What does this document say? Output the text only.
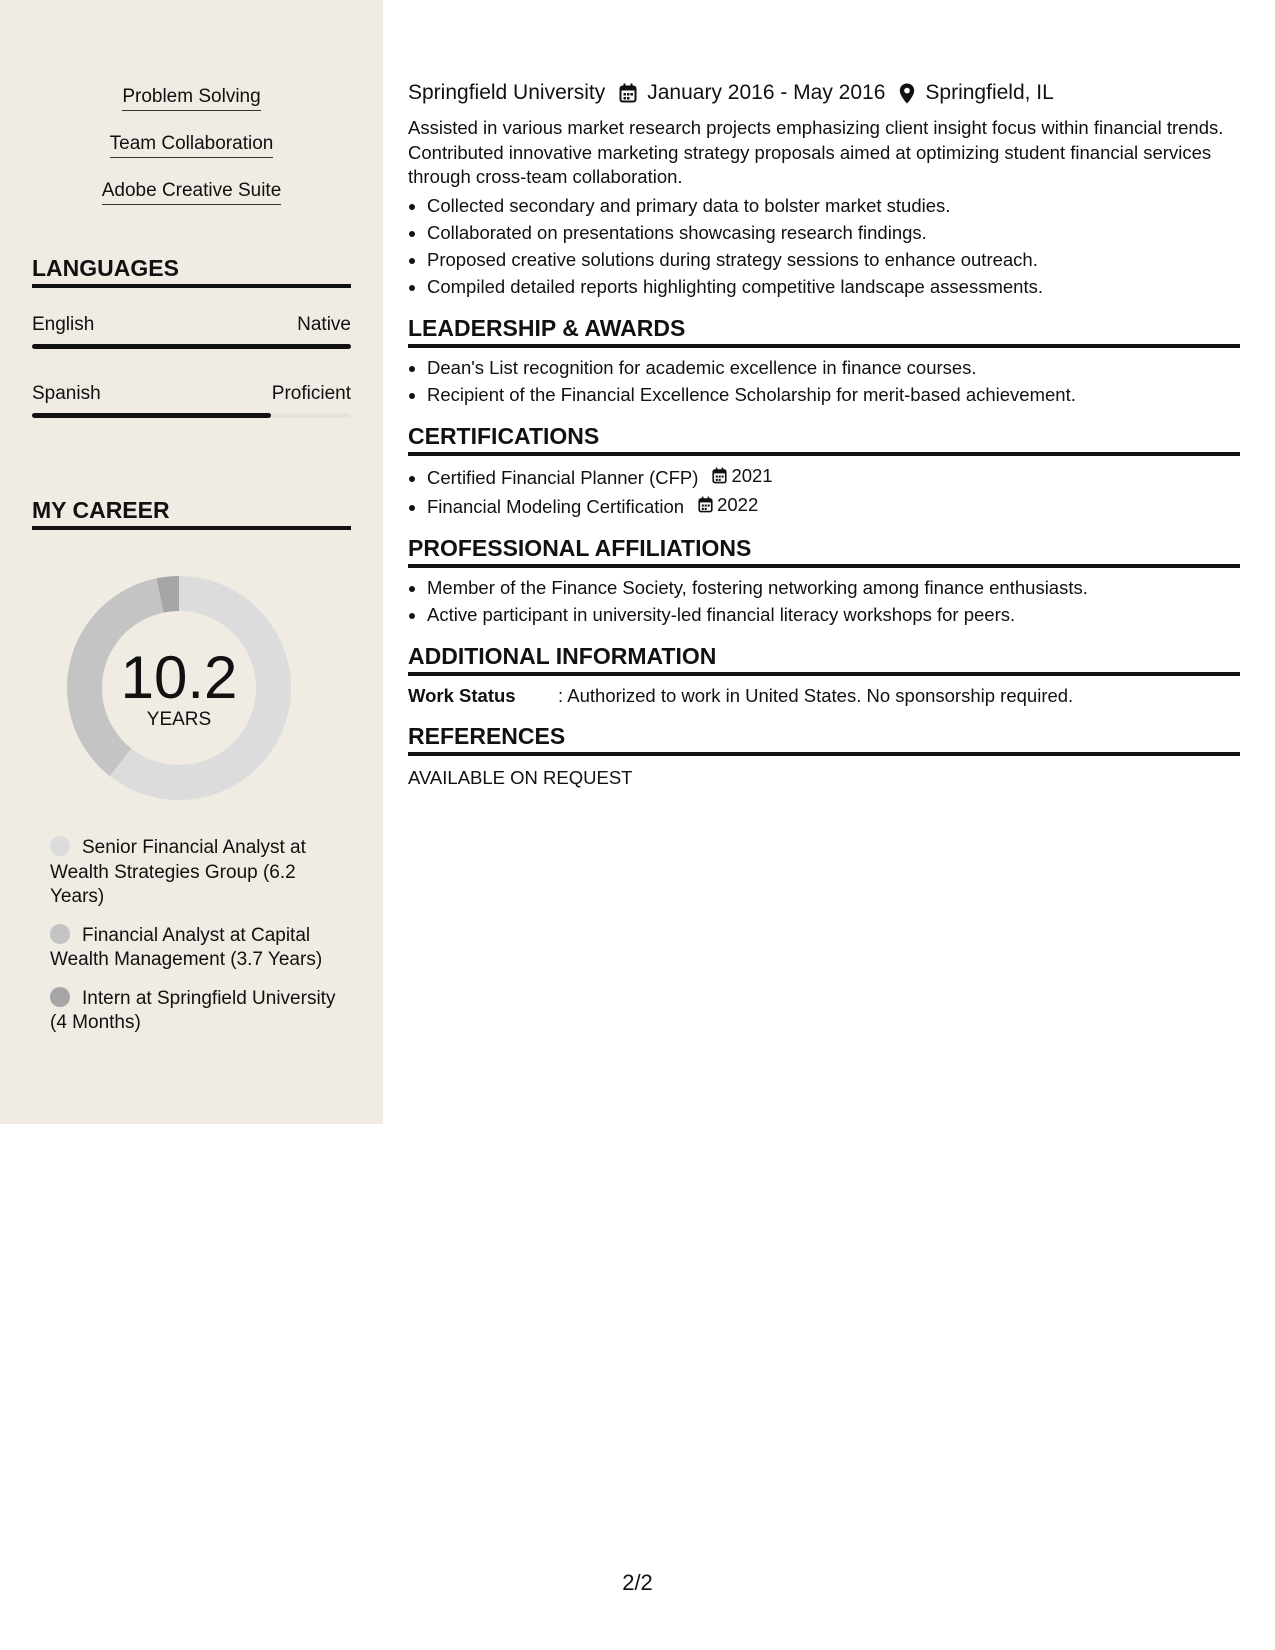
Problem Solving
Team Collaboration
Adobe Creative Suite
LANGUAGES
English	Native
Spanish	Proficient
MY CAREER
10.2
YEARS
Senior Financial Analyst at Wealth Strategies Group (6.2 Years)
Financial Analyst at Capital Wealth Management (3.7 Years)
Intern at Springfield University (4 Months)
Springfield University January 2016 - May 2016 Springfield, IL
Assisted in various market research projects emphasizing client insight focus within financial trends. Contributed innovative marketing strategy proposals aimed at optimizing student financial services through cross-team collaboration.
• Collected secondary and primary data to bolster market studies.
• Collaborated on presentations showcasing research findings.
• Proposed creative solutions during strategy sessions to enhance outreach.
• Compiled detailed reports highlighting competitive landscape assessments.
LEADERSHIP & AWARDS
• Dean's List recognition for academic excellence in finance courses.
• Recipient of the Financial Excellence Scholarship for merit-based achievement.
CERTIFICATIONS
• Certified Financial Planner (CFP) 2021
• Financial Modeling Certification 2022
PROFESSIONAL AFFILIATIONS
• Member of the Finance Society, fostering networking among finance enthusiasts.
• Active participant in university-led financial literacy workshops for peers.
ADDITIONAL INFORMATION
Work Status	: Authorized to work in United States. No sponsorship required.
REFERENCES
AVAILABLE ON REQUEST
2/2
